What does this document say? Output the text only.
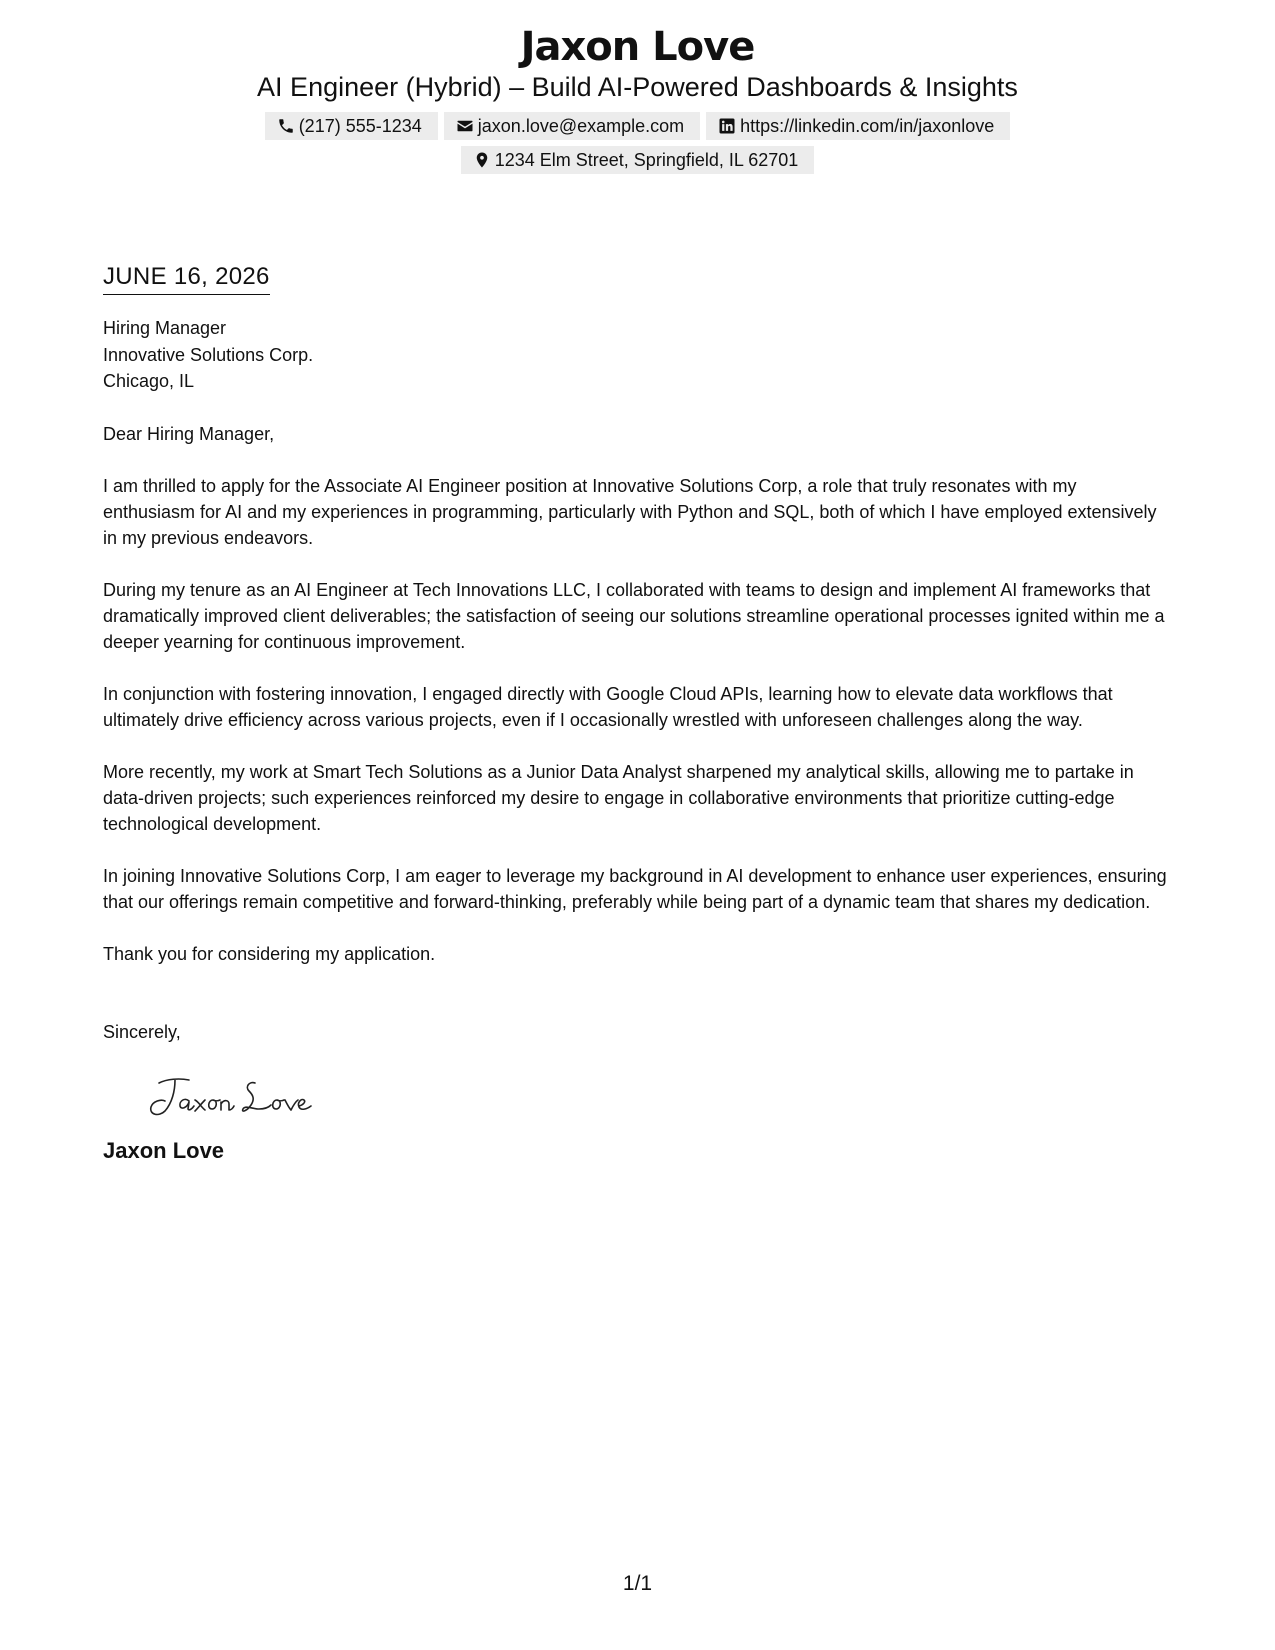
Jaxon Love
AI Engineer (Hybrid) – Build AI-Powered Dashboards & Insights
(217) 555-1234	jaxon.love@example.com	https://linkedin.com/in/jaxonlove
1234 Elm Street, Springfield, IL 62701
JUNE 16, 2026
Hiring Manager
Innovative Solutions Corp.
Chicago, IL
Dear Hiring Manager,
I am thrilled to apply for the Associate AI Engineer position at Innovative Solutions Corp, a role that truly resonates with my enthusiasm for AI and my experiences in programming, particularly with Python and SQL, both of which I have employed extensively in my previous endeavors.
During my tenure as an AI Engineer at Tech Innovations LLC, I collaborated with teams to design and implement AI frameworks that dramatically improved client deliverables; the satisfaction of seeing our solutions streamline operational processes ignited within me a deeper yearning for continuous improvement.
In conjunction with fostering innovation, I engaged directly with Google Cloud APIs, learning how to elevate data workflows that ultimately drive efficiency across various projects, even if I occasionally wrestled with unforeseen challenges along the way.
More recently, my work at Smart Tech Solutions as a Junior Data Analyst sharpened my analytical skills, allowing me to partake in data-driven projects; such experiences reinforced my desire to engage in collaborative environments that prioritize cutting-edge technological development.
In joining Innovative Solutions Corp, I am eager to leverage my background in AI development to enhance user experiences, ensuring that our offerings remain competitive and forward-thinking, preferably while being part of a dynamic team that shares my dedication.
Thank you for considering my application.
Sincerely,
Jaxon Love
1/1
